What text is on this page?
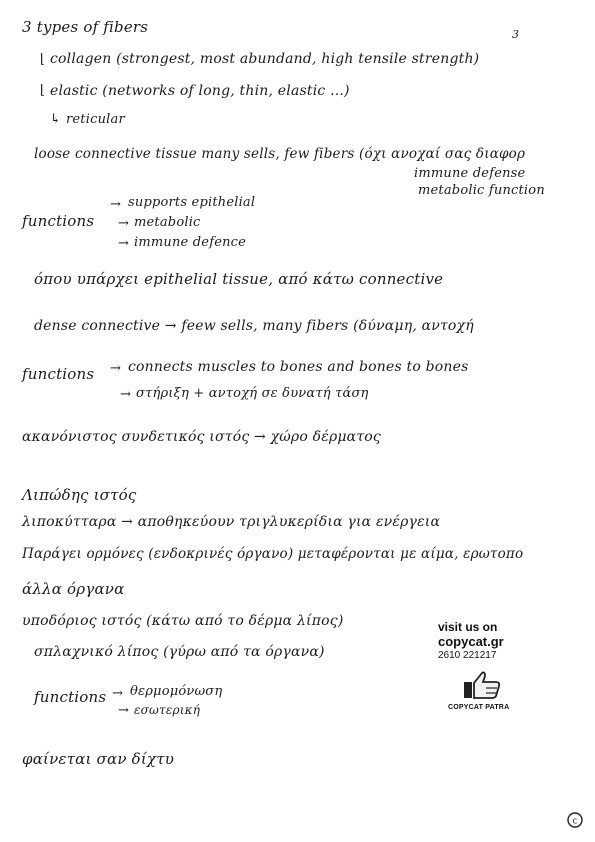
3 types of fibers	3
⌊ collagen (strongest, most abundand, high tensile strength)
⌊ elastic (networks of long, thin, elastic ...)
↳ reticular
loose connective tissue many sells, few fibers (όχι ανοχαί σας διαφορ
immune defense
metabolic function
functions
→ supports epithelial
→ metabolic
→ immune defence
όπου υπάρχει epithelial tissue, από κάτω connective
dense connective → feew sells, many fibers (δύναμη, αντοχή
functions → connects muscles to bones and bones to bones
→ στήριξη + αντοχή σε δυνατή τάση
ακανόνιστος συνδετικός ιστός → χώρο δέρματος
Λιπώδης ιστός
λιποκύτταρα → αποθηκεύουν τριγλυκερίδια για ενέργεια
Παράγει ορμόνες (ενδοκρινές όργανο) μεταφέρονται με αίμα, ερωτοπο
άλλα όργανα
υποδόριος ιστός (κάτω από το δέρμα λίπος)
σπλαχνικό λίπος (γύρω από τα όργανα)
functions → θερμομόνωση
→ εσωτερική
φαίνεται σαν δίχτυ
visit us on
copycat.gr
2610 221217
COPYCAT PATRA
c
